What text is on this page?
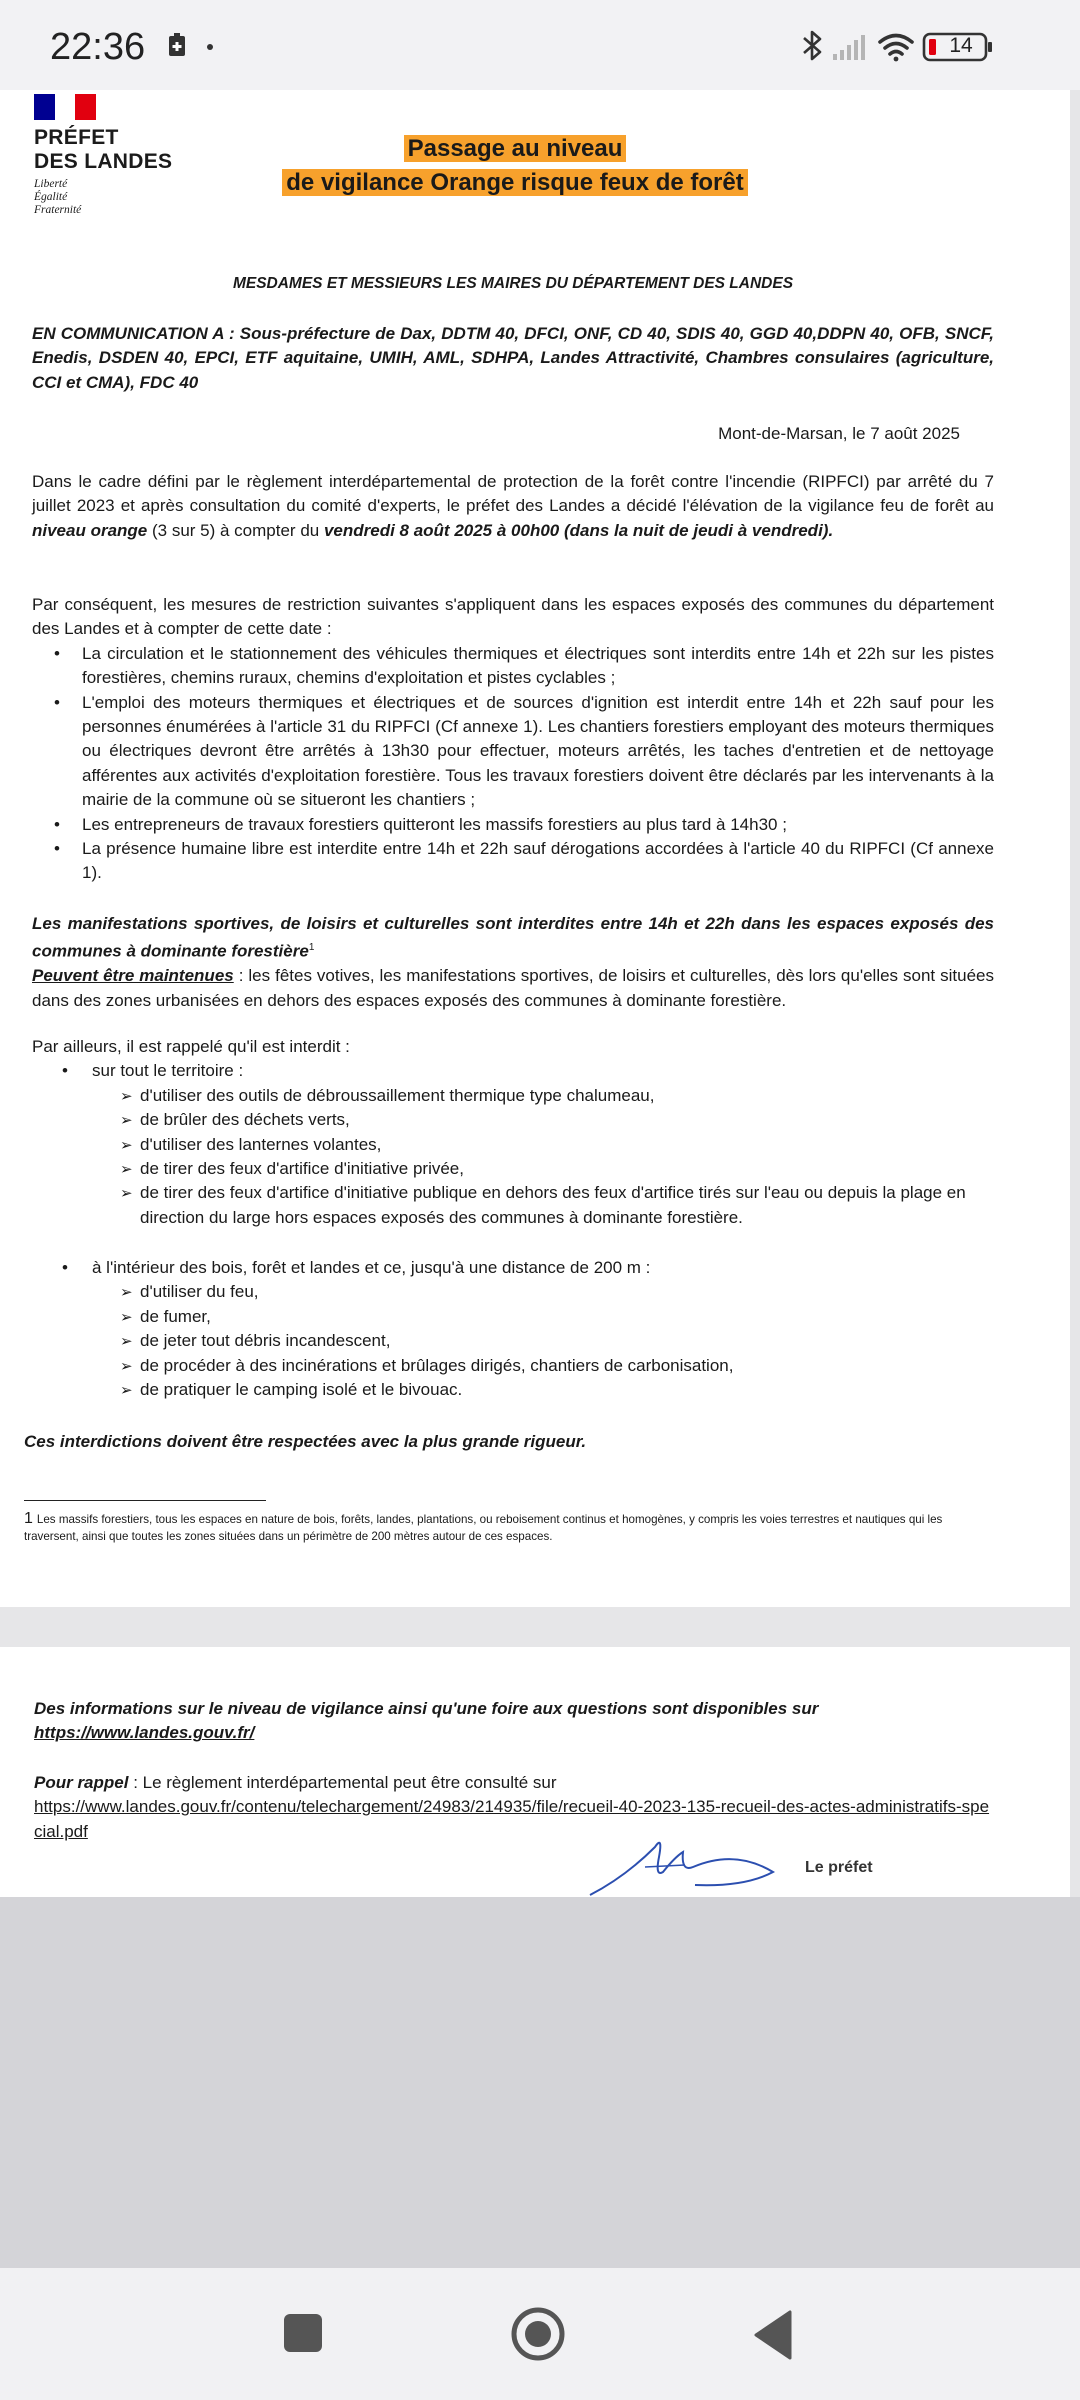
22:36	14
PRÉFET
DES LANDES
Liberté
Égalité
Fraternité
Passage au niveau
de vigilance Orange risque feux de forêt
MESDAMES ET MESSIEURS LES MAIRES DU DÉPARTEMENT DES LANDES
EN COMMUNICATION A : Sous-préfecture de Dax, DDTM 40, DFCI, ONF, CD 40, SDIS 40, GGD 40,DDPN 40, OFB, SNCF, Enedis, DSDEN 40, EPCI, ETF aquitaine, UMIH, AML, SDHPA, Landes Attractivité, Chambres consulaires (agriculture, CCI et CMA), FDC 40
Mont-de-Marsan, le 7 août 2025
Dans le cadre défini par le règlement interdépartemental de protection de la forêt contre l'incendie (RIPFCI) par arrêté du 7 juillet 2023 et après consultation du comité d'experts, le préfet des Landes a décidé l'élévation de la vigilance feu de forêt au niveau orange (3 sur 5) à compter du vendredi 8 août 2025 à 00h00 (dans la nuit de jeudi à vendredi).
Par conséquent, les mesures de restriction suivantes s'appliquent dans les espaces exposés des communes du département des Landes et à compter de cette date :
• La circulation et le stationnement des véhicules thermiques et électriques sont interdits entre 14h et 22h sur les pistes forestières, chemins ruraux, chemins d'exploitation et pistes cyclables ;
• L'emploi des moteurs thermiques et électriques et de sources d'ignition est interdit entre 14h et 22h sauf pour les personnes énumérées à l'article 31 du RIPFCI (Cf annexe 1). Les chantiers forestiers employant des moteurs thermiques ou électriques devront être arrêtés à 13h30 pour effectuer, moteurs arrêtés, les taches d'entretien et de nettoyage afférentes aux activités d'exploitation forestière. Tous les travaux forestiers doivent être déclarés par les intervenants à la mairie de la commune où se situeront les chantiers ;
• Les entrepreneurs de travaux forestiers quitteront les massifs forestiers au plus tard à 14h30 ;
• La présence humaine libre est interdite entre 14h et 22h sauf dérogations accordées à l'article 40 du RIPFCI (Cf annexe 1).
Les manifestations sportives, de loisirs et culturelles sont interdites entre 14h et 22h dans les espaces exposés des communes à dominante forestière$^1$
Peuvent être maintenues : les fêtes votives, les manifestations sportives, de loisirs et culturelles, dès lors qu'elles sont situées dans des zones urbanisées en dehors des espaces exposés des communes à dominante forestière.
Par ailleurs, il est rappelé qu'il est interdit :
• sur tout le territoire :
➢ d'utiliser des outils de débroussaillement thermique type chalumeau,
➢ de brûler des déchets verts,
➢ d'utiliser des lanternes volantes,
➢ de tirer des feux d'artifice d'initiative privée,
➢ de tirer des feux d'artifice d'initiative publique en dehors des feux d'artifice tirés sur l'eau ou depuis la plage en direction du large hors espaces exposés des communes à dominante forestière.
• à l'intérieur des bois, forêt et landes et ce, jusqu'à une distance de 200 m :
➢ d'utiliser du feu,
➢ de fumer,
➢ de jeter tout débris incandescent,
➢ de procéder à des incinérations et brûlages dirigés, chantiers de carbonisation,
➢ de pratiquer le camping isolé et le bivouac.
Ces interdictions doivent être respectées avec la plus grande rigueur.
1 Les massifs forestiers, tous les espaces en nature de bois, forêts, landes, plantations, ou reboisement continus et homogènes, y compris les voies terrestres et nautiques qui les traversent, ainsi que toutes les zones situées dans un périmètre de 200 mètres autour de ces espaces.
Des informations sur le niveau de vigilance ainsi qu'une foire aux questions sont disponibles sur
https://www.landes.gouv.fr/
Pour rappel : Le règlement interdépartemental peut être consulté sur
https://www.landes.gouv.fr/contenu/telechargement/24983/214935/file/recueil-40-2023-135-recueil-des-actes-administratifs-special.pdf
Le préfet
